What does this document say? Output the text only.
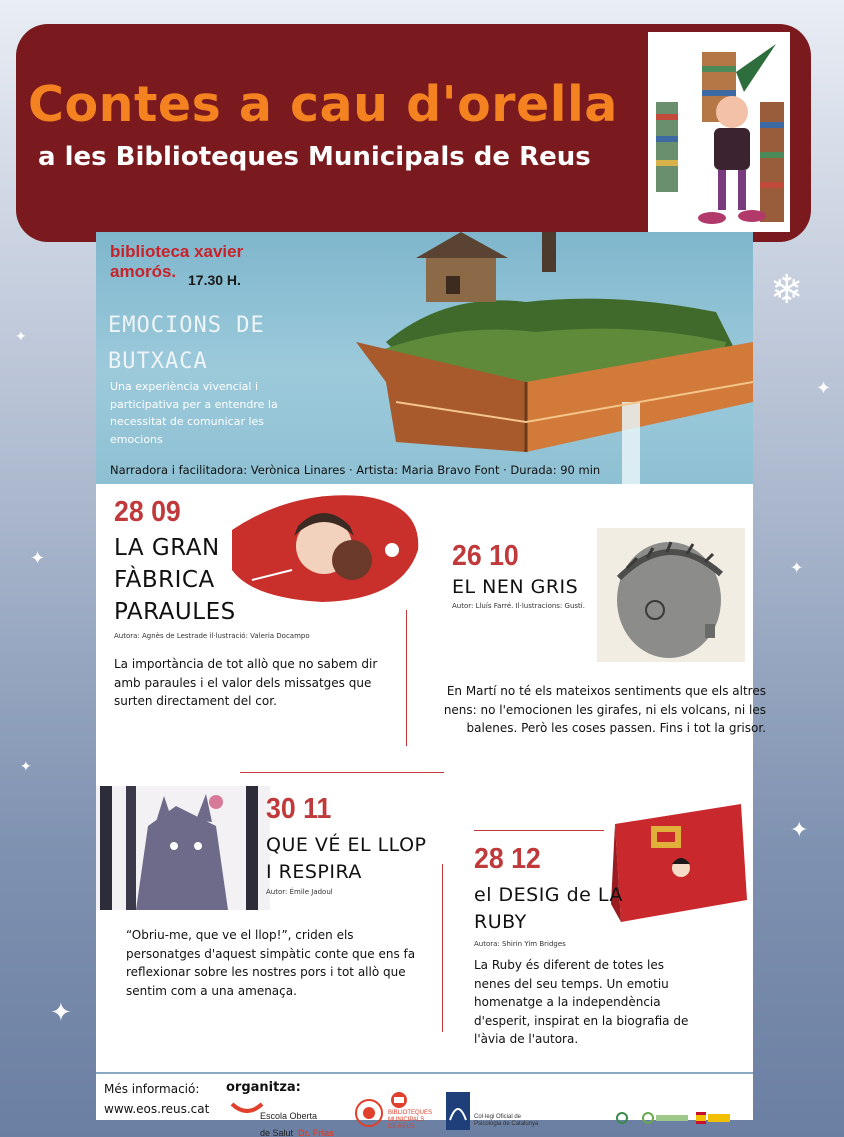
❄
✦
✦
✦
✦
✦
✦
✦
Contes a cau d'orella
a les Biblioteques Municipals de Reus
biblioteca xavier amorós. 17.30 H.
EMOCIONS DE BUTXACA
Una experiència vivencial i participativa per a entendre la necessitat de comunicar les emocions
Narradora i facilitadora: Verònica Linares · Artista: Maria Bravo Font · Durada: 90 min
28 09
LA GRAN FÀBRICA PARAULES
Autora: Agnès de Lestrade il·lustració: Valeria Docampo
La importància de tot allò que no sabem dir amb paraules i el valor dels missatges que surten directament del cor.
26 10
EL NEN GRIS
Autor: Lluís Farré. Il·lustracions: Gusti.
En Martí no té els mateixos sentiments que els altres nens: no l'emocionen les girafes, ni els volcans, ni les balenes. Però les coses passen. Fins i tot la grisor.
30 11
QUE VÉ EL LLOP I RESPIRA
Autor: Émile Jadoul
“Obriu-me, que ve el llop!”, criden els personatges d'aquest simpàtic conte que ens fa reflexionar sobre les nostres pors i tot allò que sentim com a una amenaça.
28 12
el DESIG de LA RUBY
Autora: Shirin Yim Bridges
La Ruby és diferent de totes les nenes del seu temps. Un emotiu homenatge a la independència d'esperit, inspirat en la biografia de l'àvia de l'autora.
Més informació:
www.eos.reus.cat
organitza:
Escola Oberta
de Salut Dr. Frias
BIBLIOTEQUES
MUNICIPALS
DE REUS
Col·legi Oficial de
Psicologia de Catalunya
